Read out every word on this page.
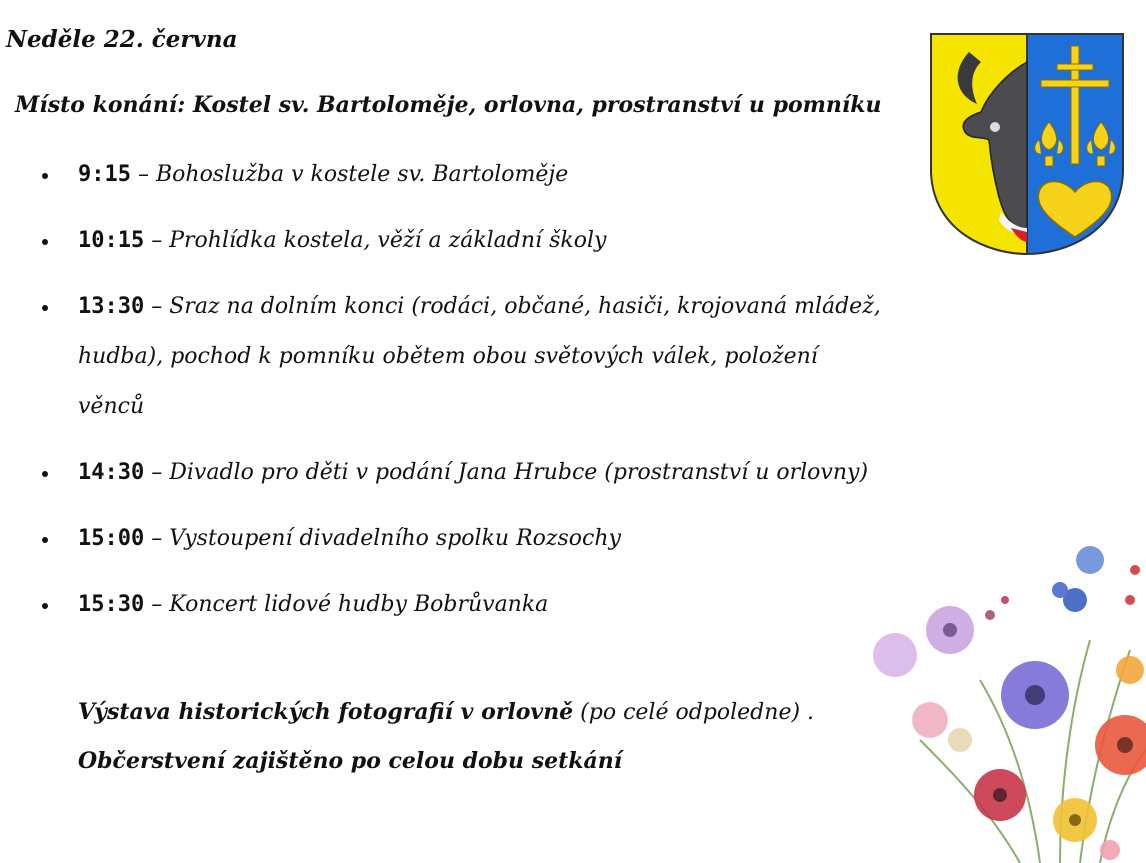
Neděle 22. června
Místo konání: Kostel sv. Bartoloměje, orlovna, prostranství u pomníku
9:15 – Bohoslužba v kostele sv. Bartoloměje
10:15 – Prohlídka kostela, věží a základní školy
13:30 – Sraz na dolním konci (rodáci, občané, hasiči, krojovaná mládež, hudba), pochod k pomníku obětem obou světových válek, položení věnců
14:30 – Divadlo pro děti v podání Jana Hrubce (prostranství u orlovny)
15:00 – Vystoupení divadelního spolku Rozsochy
15:30 – Koncert lidové hudby Bobrůvanka
Výstava historických fotografií v orlovně (po celé odpoledne) .
Občerstvení zajištěno po celou dobu setkání
